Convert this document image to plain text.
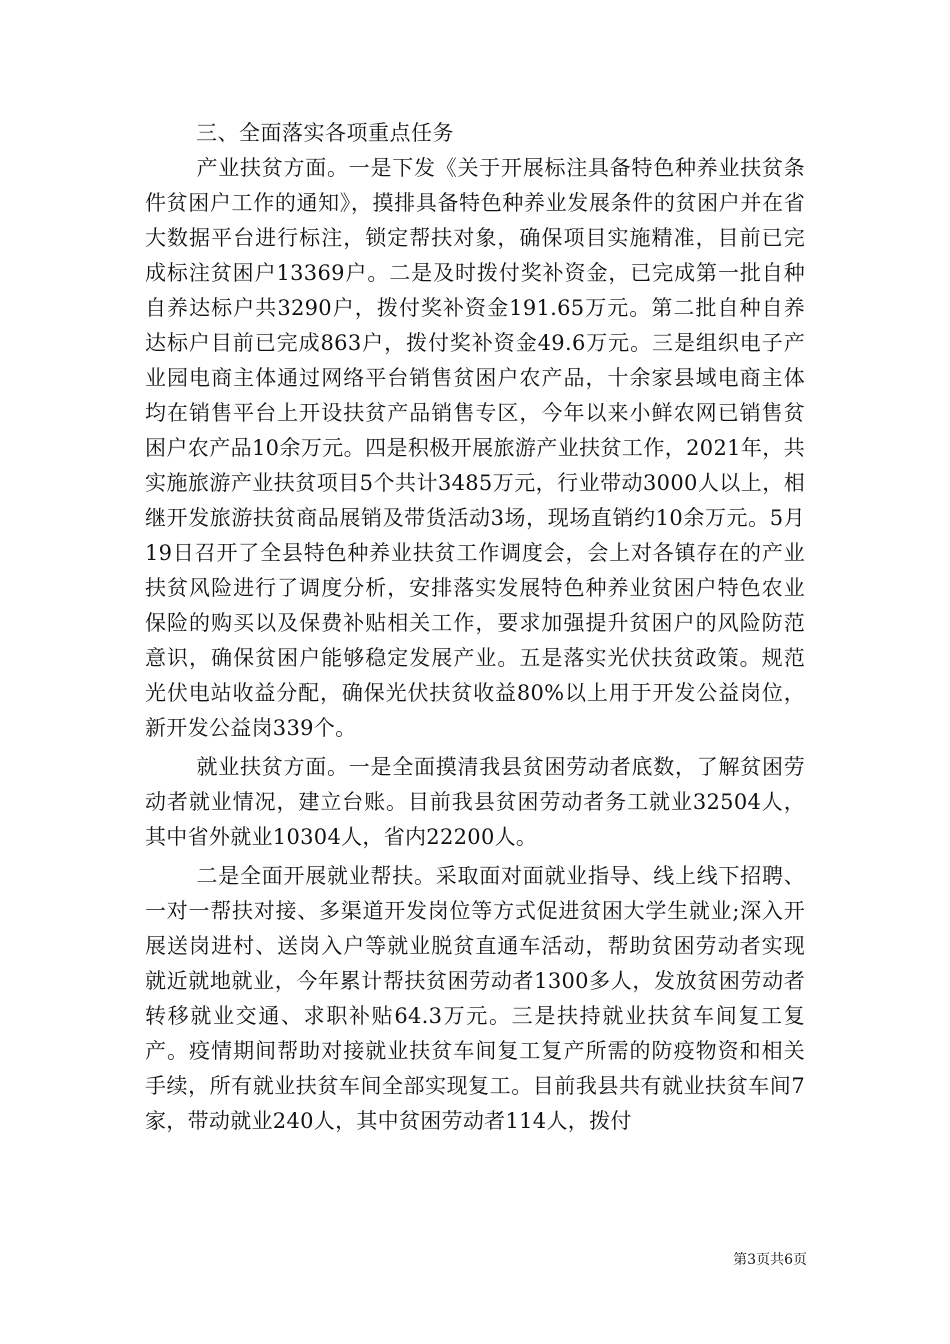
三、全面落实各项重点任务

产业扶贫方面。一是下发《关于开展标注具备特色种养业扶贫条件贫困户工作的通知》，摸排具备特色种养业发展条件的贫困户并在省大数据平台进行标注，锁定帮扶对象，确保项目实施精准，目前已完成标注贫困户13369户。二是及时拨付奖补资金，已完成第一批自种自养达标户共3290户，拨付奖补资金191.65万元。第二批自种自养达标户目前已完成863户，拨付奖补资金49.6万元。三是组织电子产业园电商主体通过网络平台销售贫困户农产品，十余家县域电商主体均在销售平台上开设扶贫产品销售专区，今年以来小鲜农网已销售贫困户农产品10余万元。四是积极开展旅游产业扶贫工作，2021年，共实施旅游产业扶贫项目5个共计3485万元，行业带动3000人以上，相继开发旅游扶贫商品展销及带货活动3场，现场直销约10余万元。5月19日召开了全县特色种养业扶贫工作调度会，会上对各镇存在的产业扶贫风险进行了调度分析，安排落实发展特色种养业贫困户特色农业保险的购买以及保费补贴相关工作，要求加强提升贫困户的风险防范意识，确保贫困户能够稳定发展产业。五是落实光伏扶贫政策。规范光伏电站收益分配，确保光伏扶贫收益80%以上用于开发公益岗位，新开发公益岗339个。

就业扶贫方面。一是全面摸清我县贫困劳动者底数，了解贫困劳动者就业情况，建立台账。目前我县贫困劳动者务工就业32504人，其中省外就业10304人，省内22200人。

二是全面开展就业帮扶。采取面对面就业指导、线上线下招聘、一对一帮扶对接、多渠道开发岗位等方式促进贫困大学生就业;深入开展送岗进村、送岗入户等就业脱贫直通车活动，帮助贫困劳动者实现就近就地就业，今年累计帮扶贫困劳动者1300多人，发放贫困劳动者转移就业交通、求职补贴64.3万元。三是扶持就业扶贫车间复工复产。疫情期间帮助对接就业扶贫车间复工复产所需的防疫物资和相关手续，所有就业扶贫车间全部实现复工。目前我县共有就业扶贫车间7家，带动就业240人，其中贫困劳动者114人，拨付

第3页共6页
